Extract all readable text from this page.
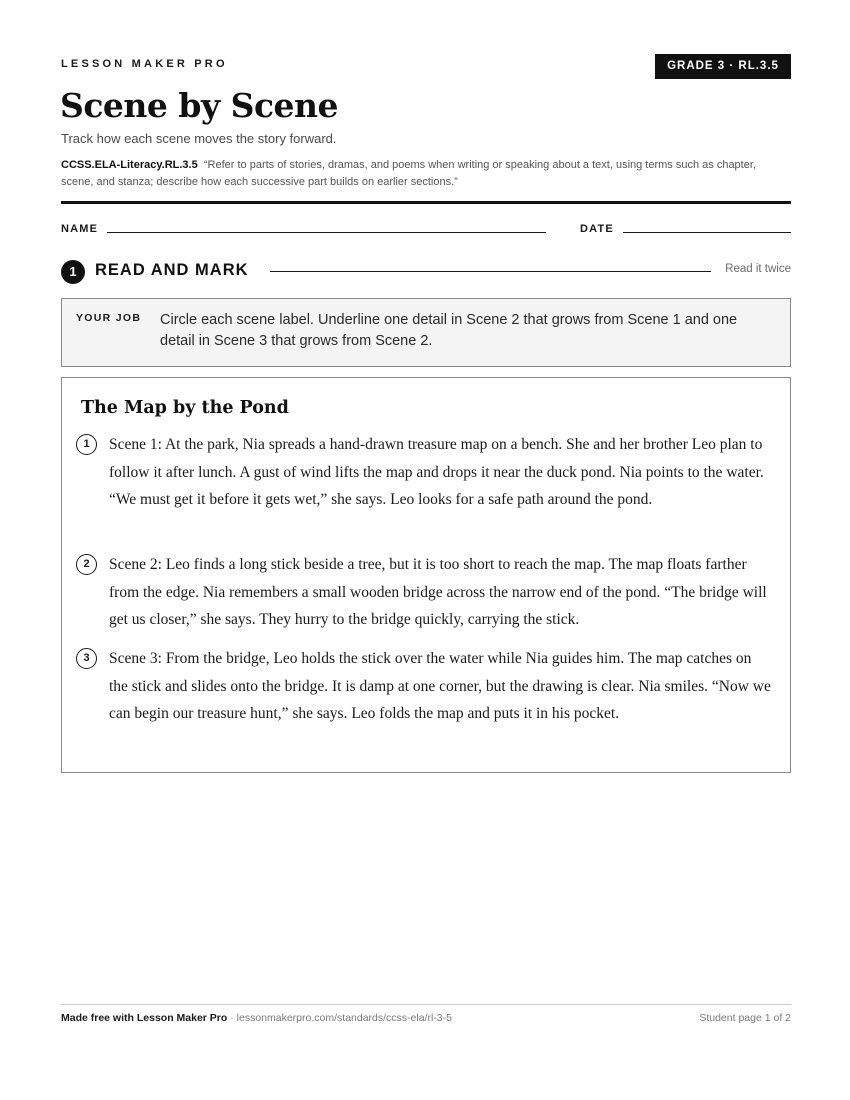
LESSON MAKER PRO	GRADE 3 · RL.3.5
Scene by Scene
Track how each scene moves the story forward.
CCSS.ELA-Literacy.RL.3.5 “Refer to parts of stories, dramas, and poems when writing or speaking about a text, using terms such as chapter, scene, and stanza; describe how each successive part builds on earlier sections.”
NAME	DATE
1	READ AND MARK	Read it twice
YOUR JOB Circle each scene label. Underline one detail in Scene 2 that grows from Scene 1 and one detail in Scene 3 that grows from Scene 2.
The Map by the Pond
1	Scene 1: At the park, Nia spreads a hand-drawn treasure map on a bench. She and her brother Leo plan to follow it after lunch. A gust of wind lifts the map and drops it near the duck pond. Nia points to the water. “We must get it before it gets wet,” she says. Leo looks for a safe path around the pond.

2	Scene 2: Leo finds a long stick beside a tree, but it is too short to reach the map. The map floats farther from the edge. Nia remembers a small wooden bridge across the narrow end of the pond. “The bridge will get us closer,” she says. They hurry to the bridge quickly, carrying the stick.

3	Scene 3: From the bridge, Leo holds the stick over the water while Nia guides him. The map catches on the stick and slides onto the bridge. It is damp at one corner, but the drawing is clear. Nia smiles. “Now we can begin our treasure hunt,” she says. Leo folds the map and puts it in his pocket.

Made free with Lesson Maker Pro · lessonmakerpro.com/standards/ccss-ela/rl-3-5	Student page 1 of 2
